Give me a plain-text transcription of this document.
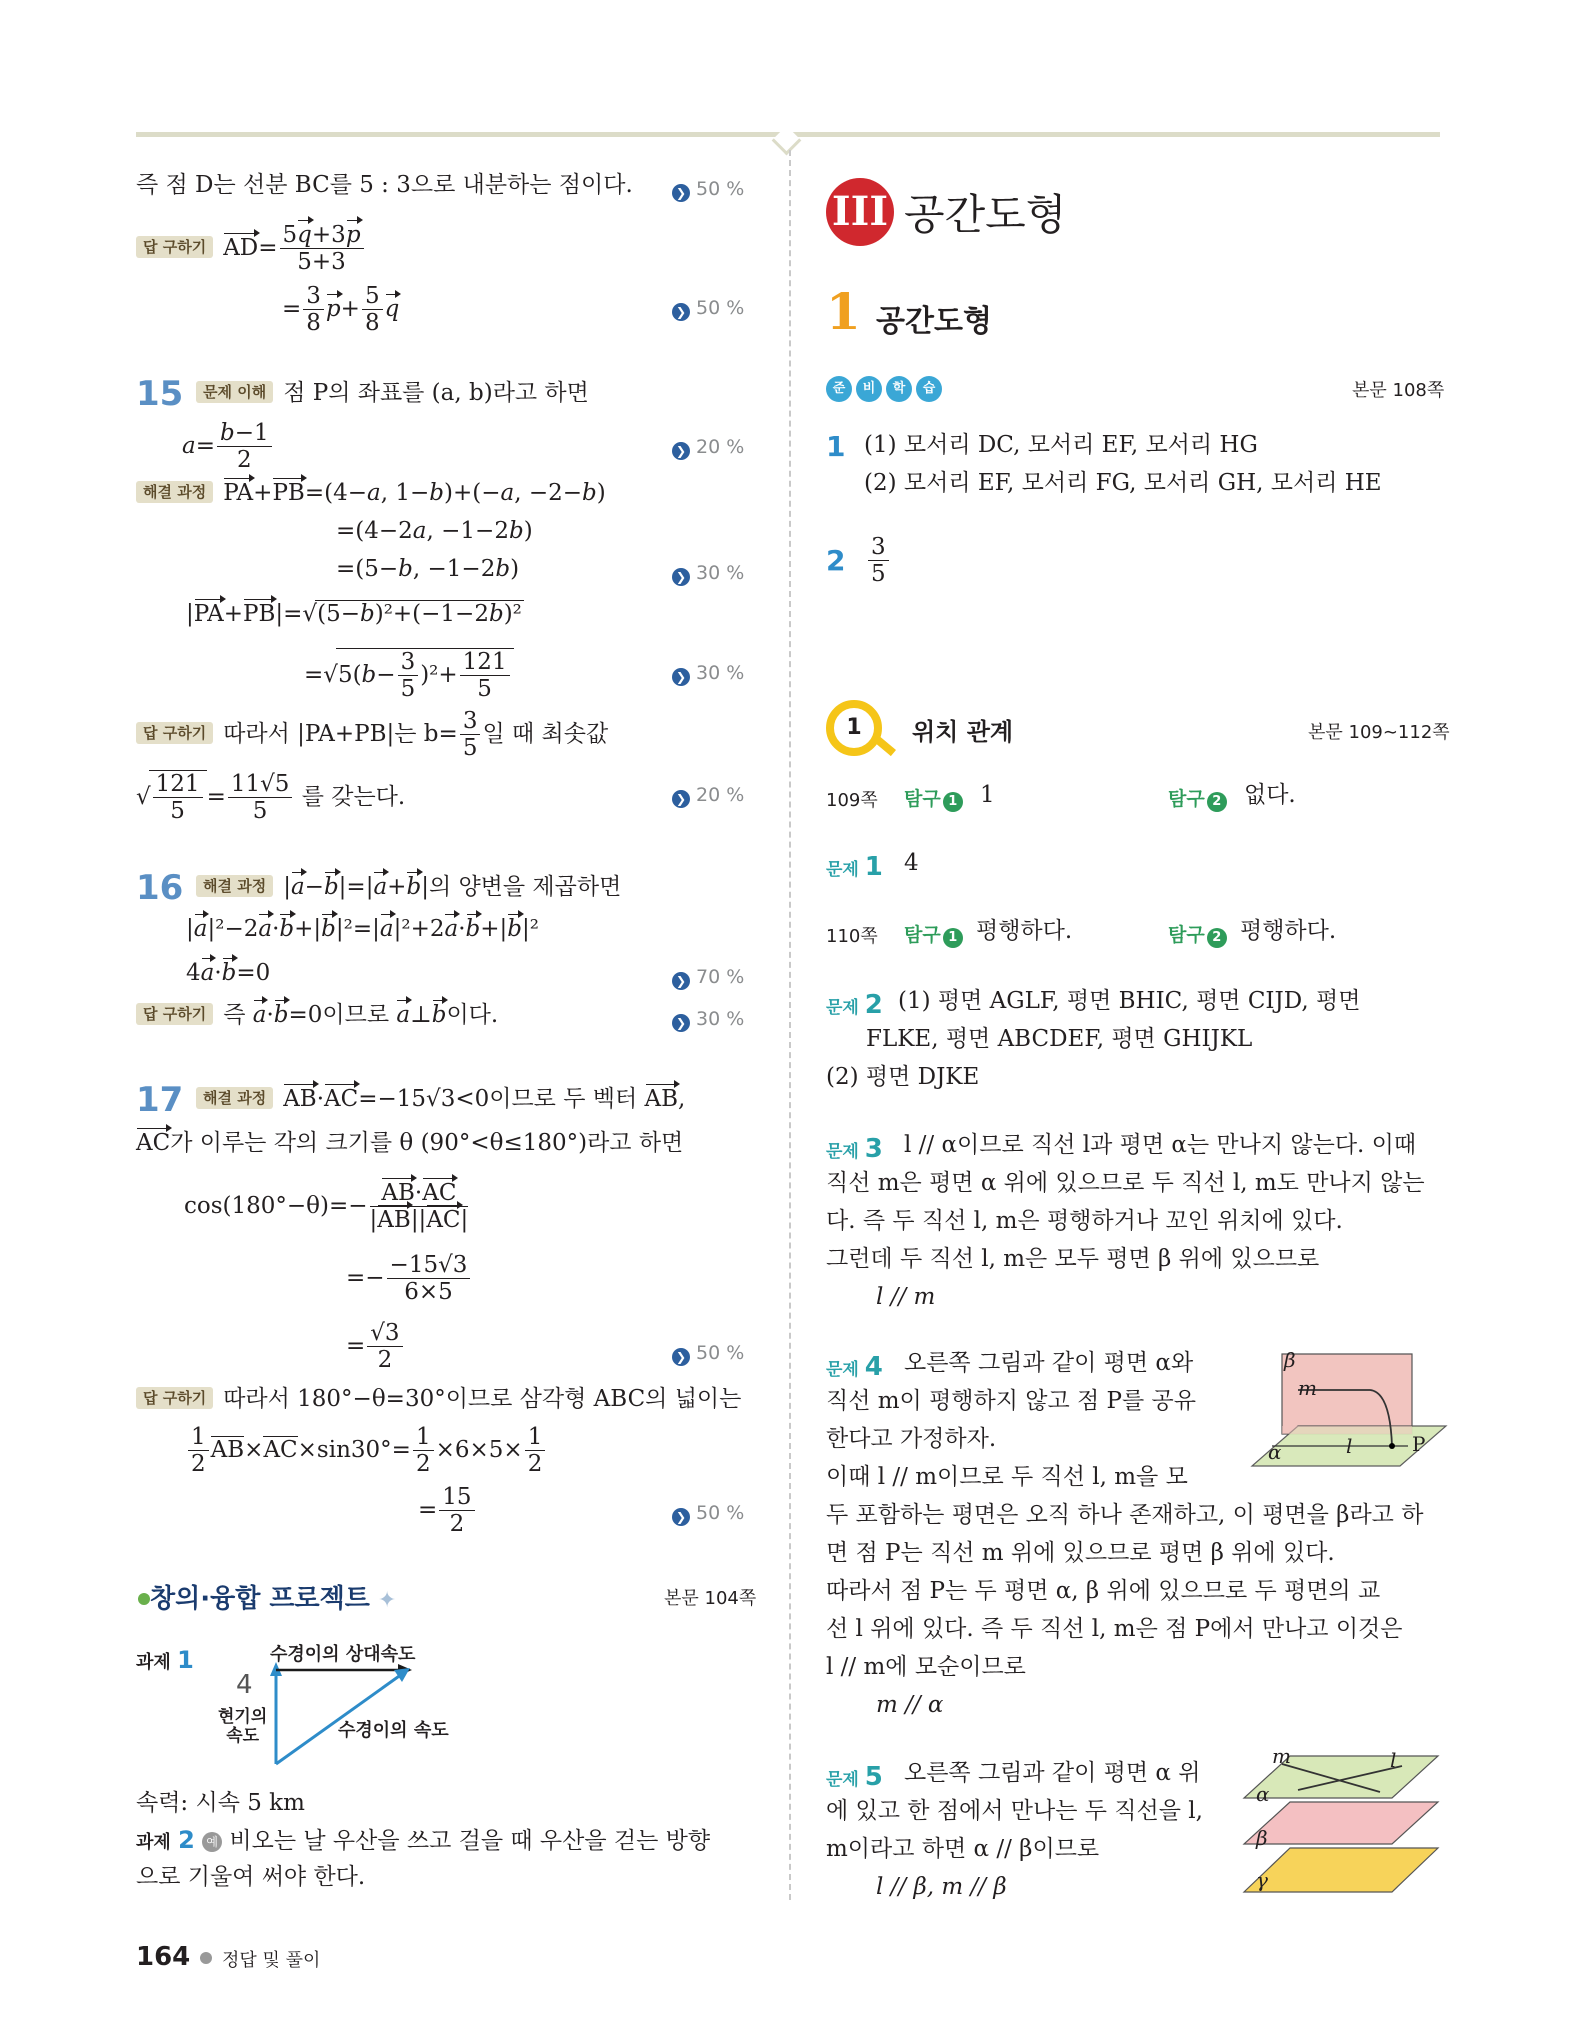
즉 점 D는 선분 BC를 5 : 3으로 내분하는 점이다.	❯ 50 %
답 구하기 $AD= \frac{5q+3p}{5+3}$
= $\frac{3}{8} p+ \frac{5}{8}$ q	❯ 50 %
15	문제 이해 점 P의 좌표를 (a, b)라고 하면
$a= \frac{b-1}{2}$	❯ 20 %
해결 과정 PA+PB=(4−a, 1−b)+(−a, −2−b)
=(4−2a, −1−2b)
=(5−b, −1−2b)	❯ 30 %
|PA+PB|=√(5−b)²+(−1−2b)²
$=√5(b- \frac{3}{5} )^2+ \frac{121}{5}$	❯ 30 %
답 구하기 따라서 |PA+PB|는 $b= \frac{3}{5}$ 일 때 최솟값
√ $\frac{121}{5} = \frac{11√5}{5}$ 를 갖는다.	❯ 20 %
16	해결 과정 |a−b|=|a+b|의 양변을 제곱하면
|a|²−2a·b+|b|²=|a|²+2a·b+|b|²
4a·b=0	❯ 70 %
답 구하기 즉 a·b=0이므로 a⊥b이다.	❯ 30 %
17	해결 과정 AB·AC=−15√3<0이므로 두 벡터 AB,
AC가 이루는 각의 크기를 θ (90°<θ≤180°)라고 하면
$\cos(180^\circ-\theta)=- \frac{AB\cdot AC}{|AB||AC|}$
=− $\frac{-15√3}{6\times 5}$
= $\frac{√3}{2}$	❯ 50 %
답 구하기 따라서 180°−θ=30°이므로 삼각형 ABC의 넓이는
$\frac{1}{2} AB\times AC\times\sin 30^\circ= \frac{1}{2} \times 6\times 5\times \frac{1}{2}$
= $\frac{15}{2}$	❯ 50 %
창의·융합 프로젝트 ✦	본문 104쪽
과제 1	수경이의 상대속도
4
현기의
속도	수경이의 속도
속력: 시속 5 km
과제 2 예 비오는 날 우산을 쓰고 걸을 때 우산을 걷는 방향
으로 기울여 써야 한다.
III 공간도형
1 공간도형
준 비 학 습	본문 108쪽
1 (1) 모서리 DC, 모서리 EF, 모서리 HG
(2) 모서리 EF, 모서리 FG, 모서리 GH, 모서리 HE
$2 \frac{3}{5}$
1	위치 관계	본문 109∼112쪽
109쪽 탐구 1 1	탐구 2 없다.
문제 1 4
110쪽 탐구 1 평행하다.	탐구 2 평행하다.
문제 2 (1) 평면 AGLF, 평면 BHIC, 평면 CIJD, 평면
FLKE, 평면 ABCDEF, 평면 GHIJKL
(2) 평면 DJKE
문제 3 l // α이므로 직선 l과 평면 α는 만나지 않는다. 이때
직선 m은 평면 α 위에 있으므로 두 직선 l, m도 만나지 않는
다. 즉 두 직선 l, m은 평행하거나 꼬인 위치에 있다.
그런데 두 직선 l, m은 모두 평면 β 위에 있으므로
l // m
문제 4 오른쪽 그림과 같이 평면 α와
직선 m이 평행하지 않고 점 P를 공유
한다고 가정하자.
이때 l // m이므로 두 직선 l, m을 모
두 포함하는 평면은 오직 하나 존재하고, 이 평면을 β라고 하
면 점 P는 직선 m 위에 있으므로 평면 β 위에 있다.
따라서 점 P는 두 평면 α, β 위에 있으므로 두 평면의 교
선 l 위에 있다. 즉 두 직선 l, m은 점 P에서 만나고 이것은
l // m에 모순이므로
m // α
β
m
α	l	P
문제 5 오른쪽 그림과 같이 평면 α 위
에 있고 한 점에서 만나는 두 직선을 l,
m이라고 하면 α // β이므로
l // β, m // β
m	l
α
β
γ
164 정답 및 풀이
